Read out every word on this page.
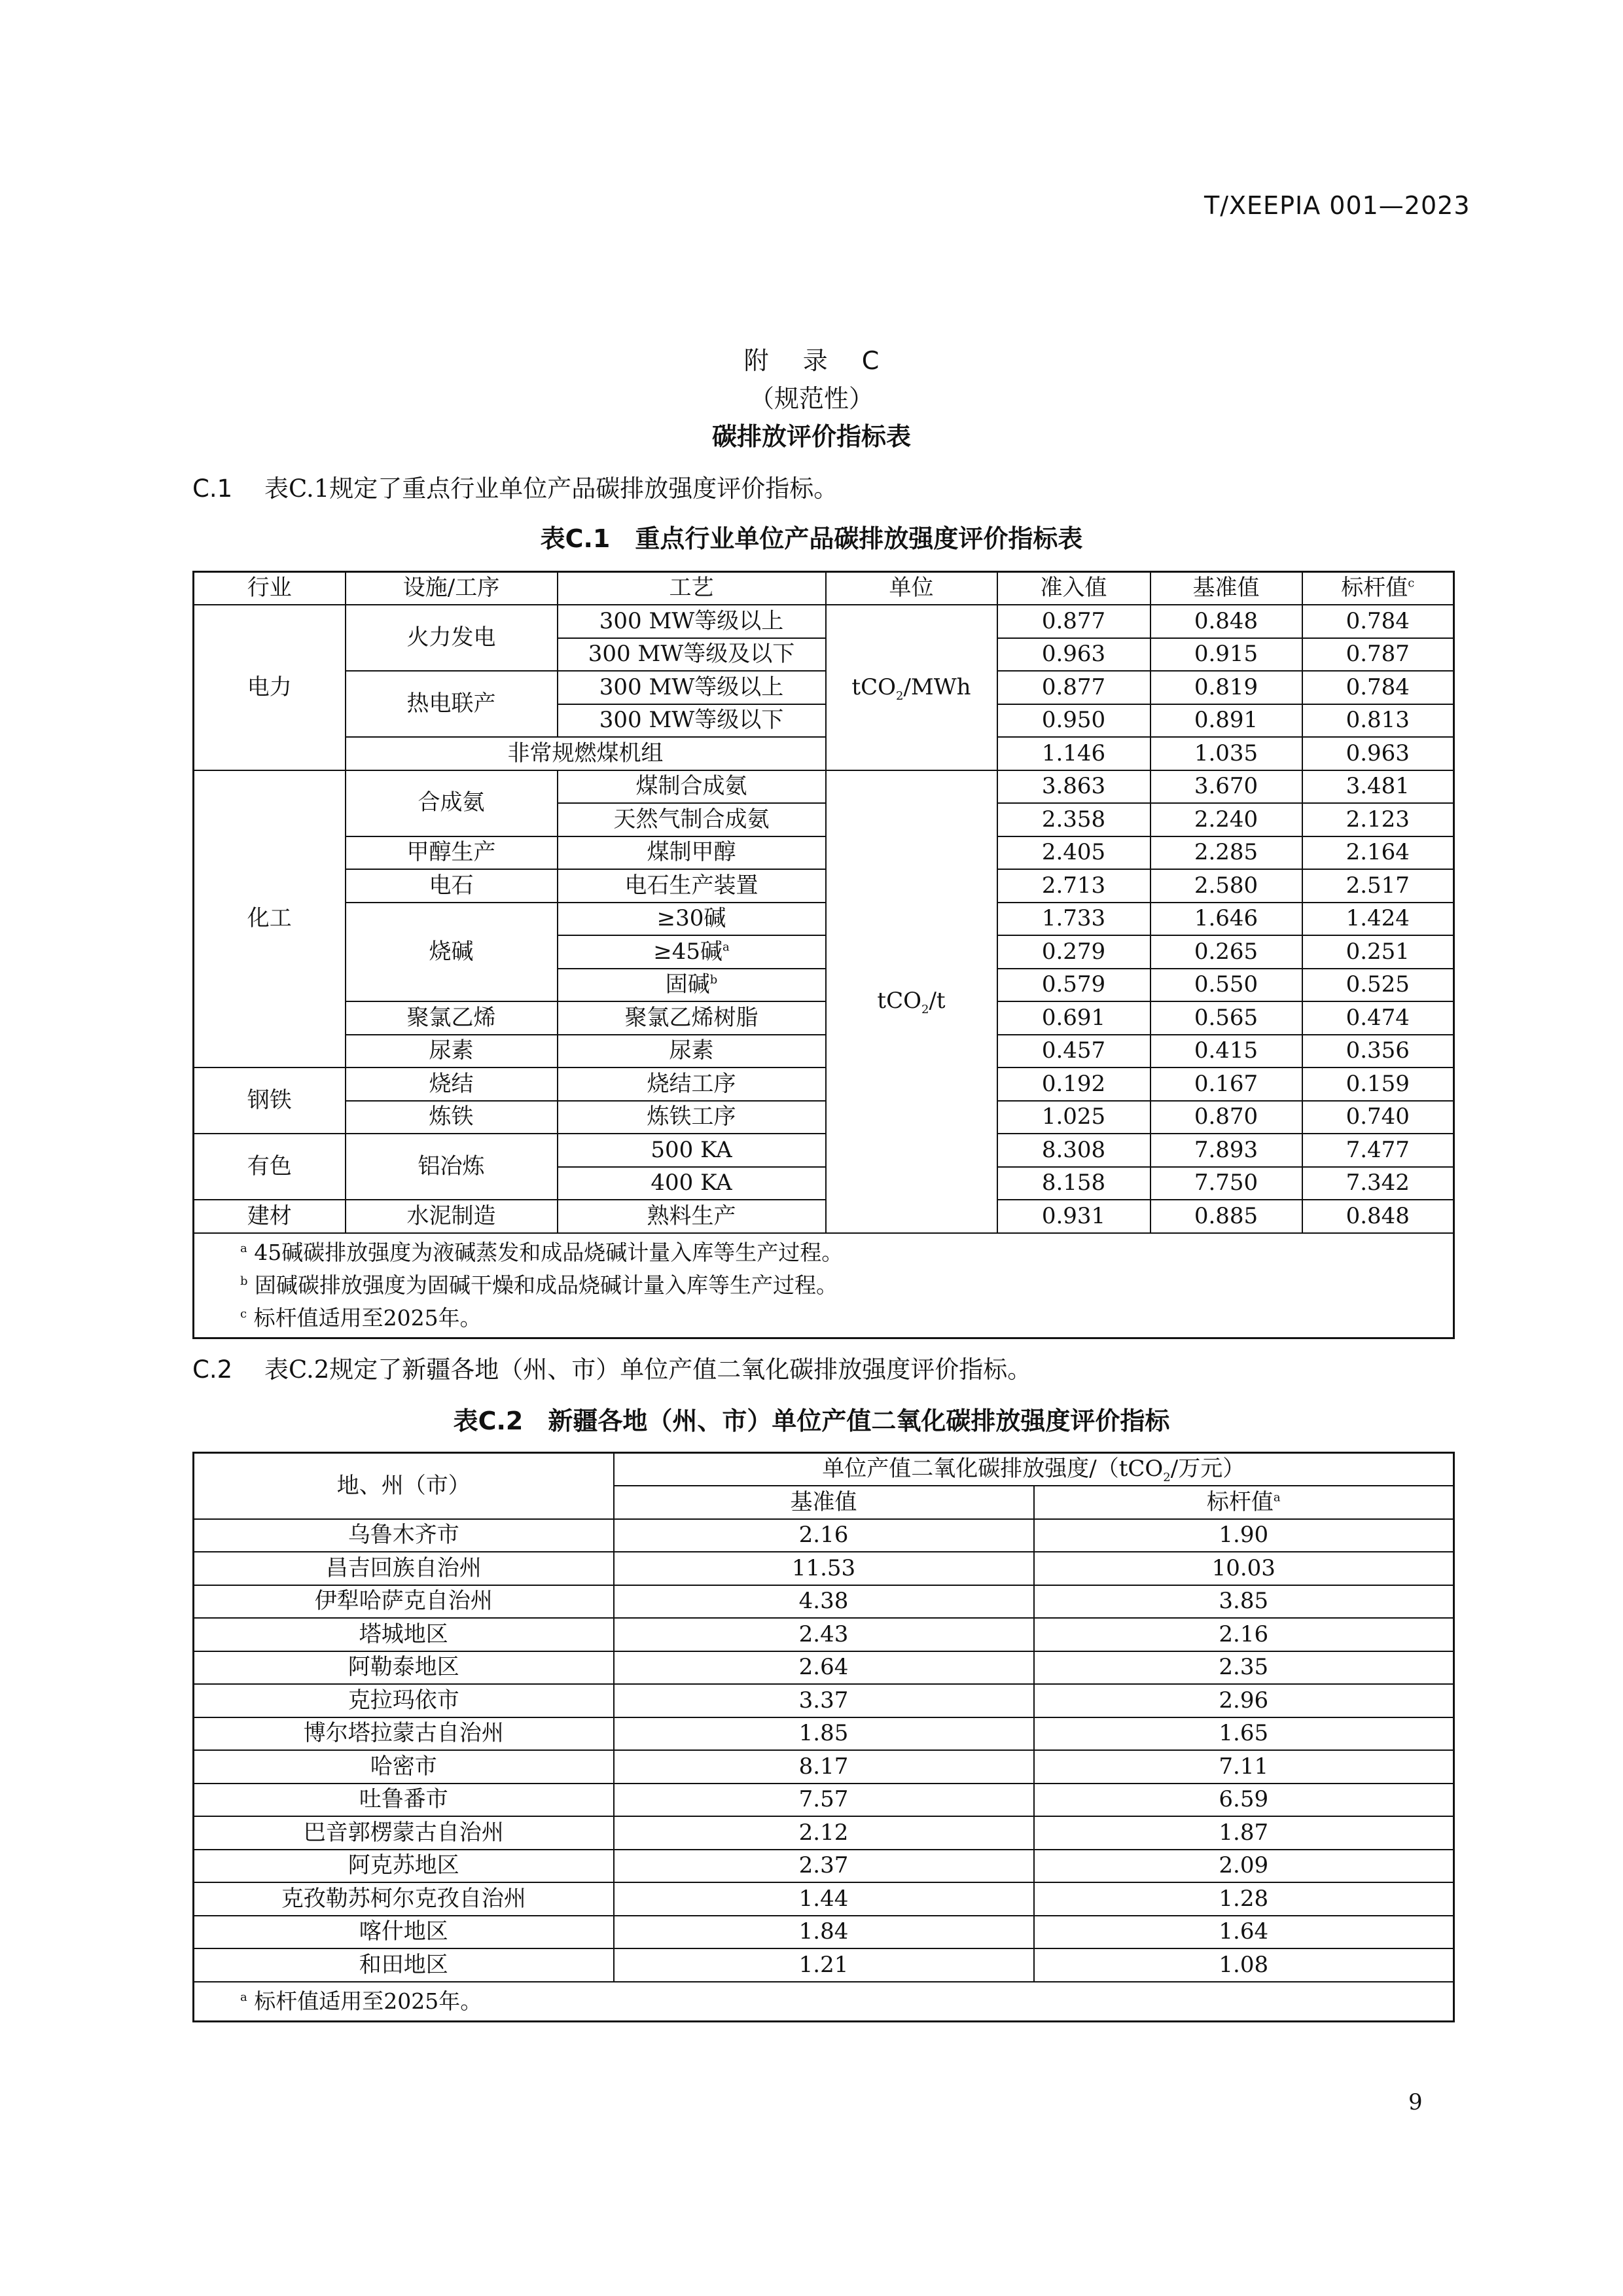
T/XEEPIA 001—2023
附 录 C
（规范性）
碳排放评价指标表
C.1 表C.1规定了重点行业单位产品碳排放强度评价指标。
表C.1　重点行业单位产品碳排放强度评价指标表
行业	设施/工序	工艺	单位	准入值	基准值	标杆值$^c$
电力	火力发电	300 MW等级以上	tCO$_2$/MWh	0.877	0.848	0.784
		300 MW等级及以下		0.963	0.915	0.787
	热电联产	300 MW等级以上		0.877	0.819	0.784
		300 MW等级以下		0.950	0.891	0.813
	非常规燃煤机组			1.146	1.035	0.963
化工	合成氨	煤制合成氨	tCO$_2$/t	3.863	3.670	3.481
		天然气制合成氨		2.358	2.240	2.123
	甲醇生产	煤制甲醇		2.405	2.285	2.164
	电石	电石生产装置		2.713	2.580	2.517
	烧碱	≥30碱		1.733	1.646	1.424
		≥45碱$^a$		0.279	0.265	0.251
		固碱$^b$		0.579	0.550	0.525
	聚氯乙烯	聚氯乙烯树脂		0.691	0.565	0.474
	尿素	尿素		0.457	0.415	0.356
钢铁	烧结	烧结工序		0.192	0.167	0.159
	炼铁	炼铁工序		1.025	0.870	0.740
有色	铝冶炼	500 KA		8.308	7.893	7.477
		400 KA		8.158	7.750	7.342
建材	水泥制造	熟料生产		0.931	0.885	0.848

$^a$ 45碱碳排放强度为液碱蒸发和成品烧碱计量入库等生产过程。
$^b$ 固碱碳排放强度为固碱干燥和成品烧碱计量入库等生产过程。
$^c$ 标杆值适用至2025年。						
C.2 表C.2规定了新疆各地（州、市）单位产值二氧化碳排放强度评价指标。
表C.2　新疆各地（州、市）单位产值二氧化碳排放强度评价指标
地、州（市）	单位产值二氧化碳排放强度/（tCO$_2$/万元）	
	基准值	标杆值$^a$
乌鲁木齐市	2.16	1.90
昌吉回族自治州	11.53	10.03
伊犁哈萨克自治州	4.38	3.85
塔城地区	2.43	2.16
阿勒泰地区	2.64	2.35
克拉玛依市	3.37	2.96
博尔塔拉蒙古自治州	1.85	1.65
哈密市	8.17	7.11
吐鲁番市	7.57	6.59
巴音郭楞蒙古自治州	2.12	1.87
阿克苏地区	2.37	2.09
克孜勒苏柯尔克孜自治州	1.44	1.28
喀什地区	1.84	1.64
和田地区	1.21	1.08

$^a$ 标杆值适用至2025年。		
9
